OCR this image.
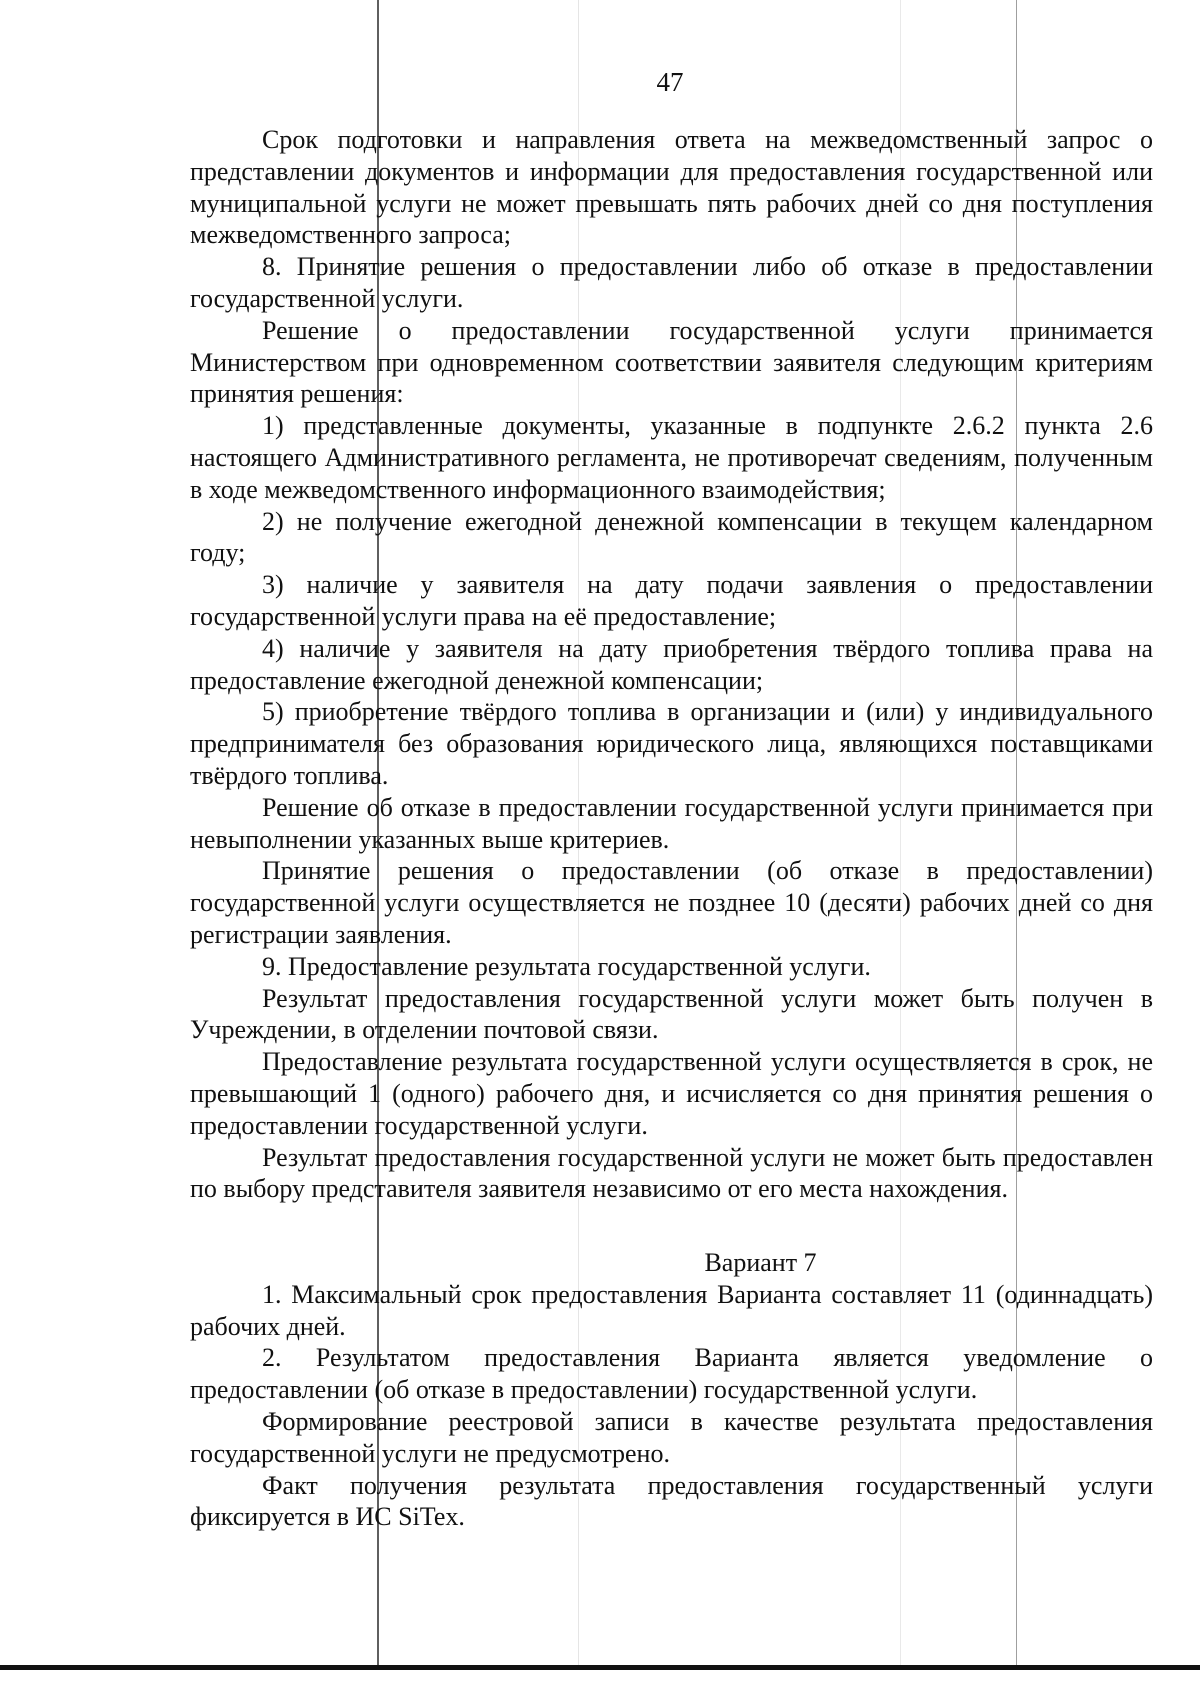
47

Срок подготовки и направления ответа на межведомственный запрос о представлении документов и информации для предоставления государственной или муниципальной услуги не может превышать пять рабочих дней со дня поступления межведомственного запроса;

8. Принятие решения о предоставлении либо об отказе в предоставлении государственной услуги.

Решение о предоставлении государственной услуги принимается Министерством при одновременном соответствии заявителя следующим критериям принятия решения:

1) представленные документы, указанные в подпункте 2.6.2 пункта 2.6 настоящего Административного регламента, не противоречат сведениям, полученным в ходе межведомственного информационного взаимодействия;

2) не получение ежегодной денежной компенсации в текущем календарном году;

3) наличие у заявителя на дату подачи заявления о предоставлении государственной услуги права на её предоставление;

4) наличие у заявителя на дату приобретения твёрдого топлива права на предоставление ежегодной денежной компенсации;

5) приобретение твёрдого топлива в организации и (или) у индивидуального предпринимателя без образования юридического лица, являющихся поставщиками твёрдого топлива.

Решение об отказе в предоставлении государственной услуги принимается при невыполнении указанных выше критериев.

Принятие решения о предоставлении (об отказе в предоставлении) государственной услуги осуществляется не позднее 10 (десяти) рабочих дней со дня регистрации заявления.

9. Предоставление результата государственной услуги.

Результат предоставления государственной услуги может быть получен в Учреждении, в отделении почтовой связи.

Предоставление результата государственной услуги осуществляется в срок, не превышающий 1 (одного) рабочего дня, и исчисляется со дня принятия решения о предоставлении государственной услуги.

Результат предоставления государственной услуги не может быть предоставлен по выбору представителя заявителя независимо от его места нахождения.

Вариант 7

1. Максимальный срок предоставления Варианта составляет 11 (одиннадцать) рабочих дней.

2. Результатом предоставления Варианта является уведомление о предоставлении (об отказе в предоставлении) государственной услуги.

Формирование реестровой записи в качестве результата предоставления государственной услуги не предусмотрено.

Факт получения результата предоставления государственный услуги фиксируется в ИС SiTex.
